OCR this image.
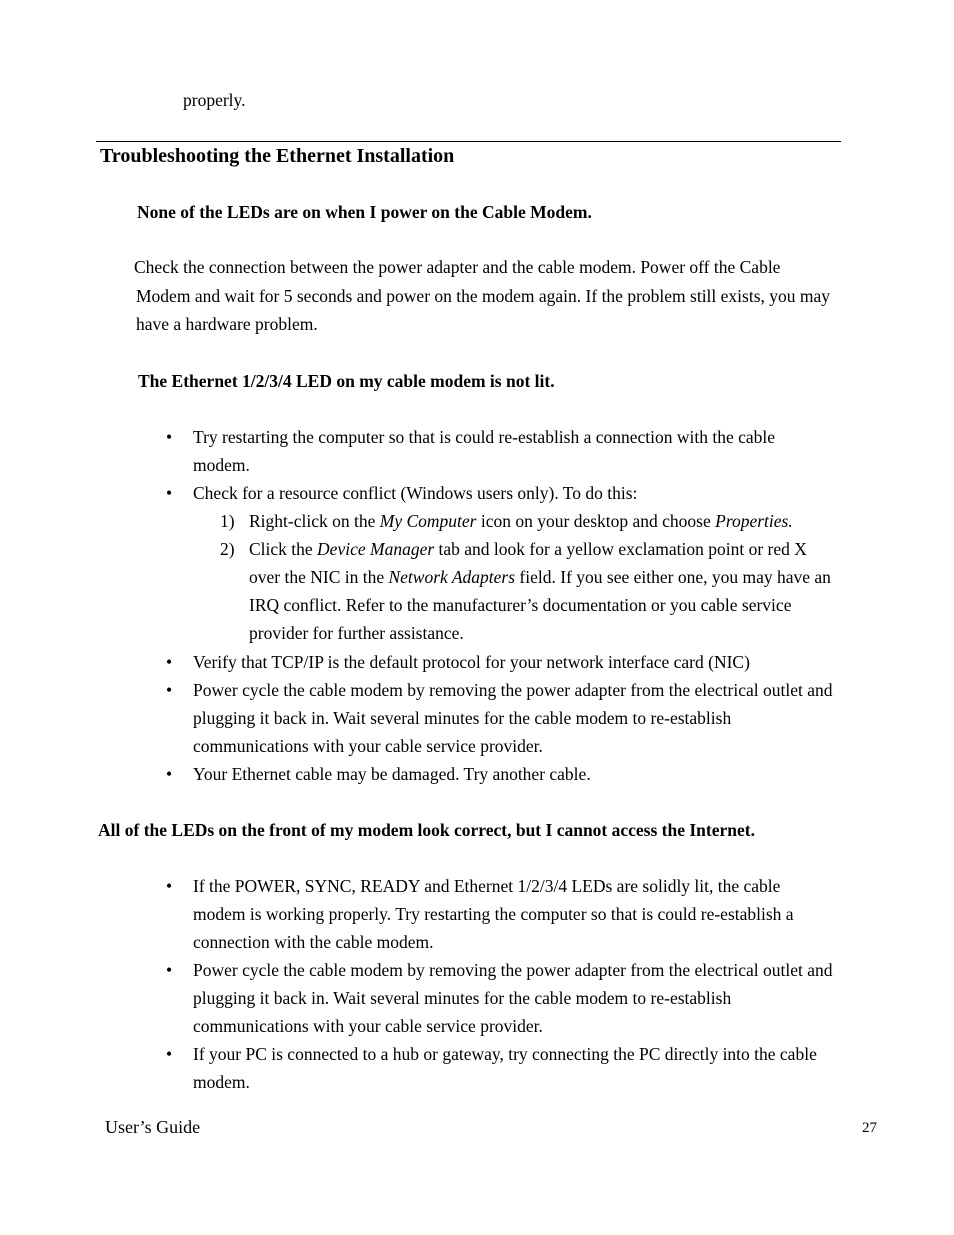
properly.

Troubleshooting the Ethernet Installation

None of the LEDs are on when I power on the Cable Modem.

Check the connection between the power adapter and the cable modem. Power off the Cable
Modem and wait for 5 seconds and power on the modem again. If the problem still exists, you may
have a hardware problem.

The Ethernet 1/2/3/4 LED on my cable modem is not lit.

• Try restarting the computer so that is could re-establish a connection with the cable
modem.
• Check for a resource conflict (Windows users only). To do this:
1) Right-click on the My Computer icon on your desktop and choose Properties.
2) Click the Device Manager tab and look for a yellow exclamation point or red X
over the NIC in the Network Adapters field. If you see either one, you may have an
IRQ conflict. Refer to the manufacturer’s documentation or you cable service
provider for further assistance.
• Verify that TCP/IP is the default protocol for your network interface card (NIC)
• Power cycle the cable modem by removing the power adapter from the electrical outlet and
plugging it back in. Wait several minutes for the cable modem to re-establish
communications with your cable service provider.
• Your Ethernet cable may be damaged. Try another cable.

All of the LEDs on the front of my modem look correct, but I cannot access the Internet.

• If the POWER, SYNC, READY and Ethernet 1/2/3/4 LEDs are solidly lit, the cable
modem is working properly. Try restarting the computer so that is could re-establish a
connection with the cable modem.
• Power cycle the cable modem by removing the power adapter from the electrical outlet and
plugging it back in. Wait several minutes for the cable modem to re-establish
communications with your cable service provider.
• If your PC is connected to a hub or gateway, try connecting the PC directly into the cable
modem.

User’s Guide	27
